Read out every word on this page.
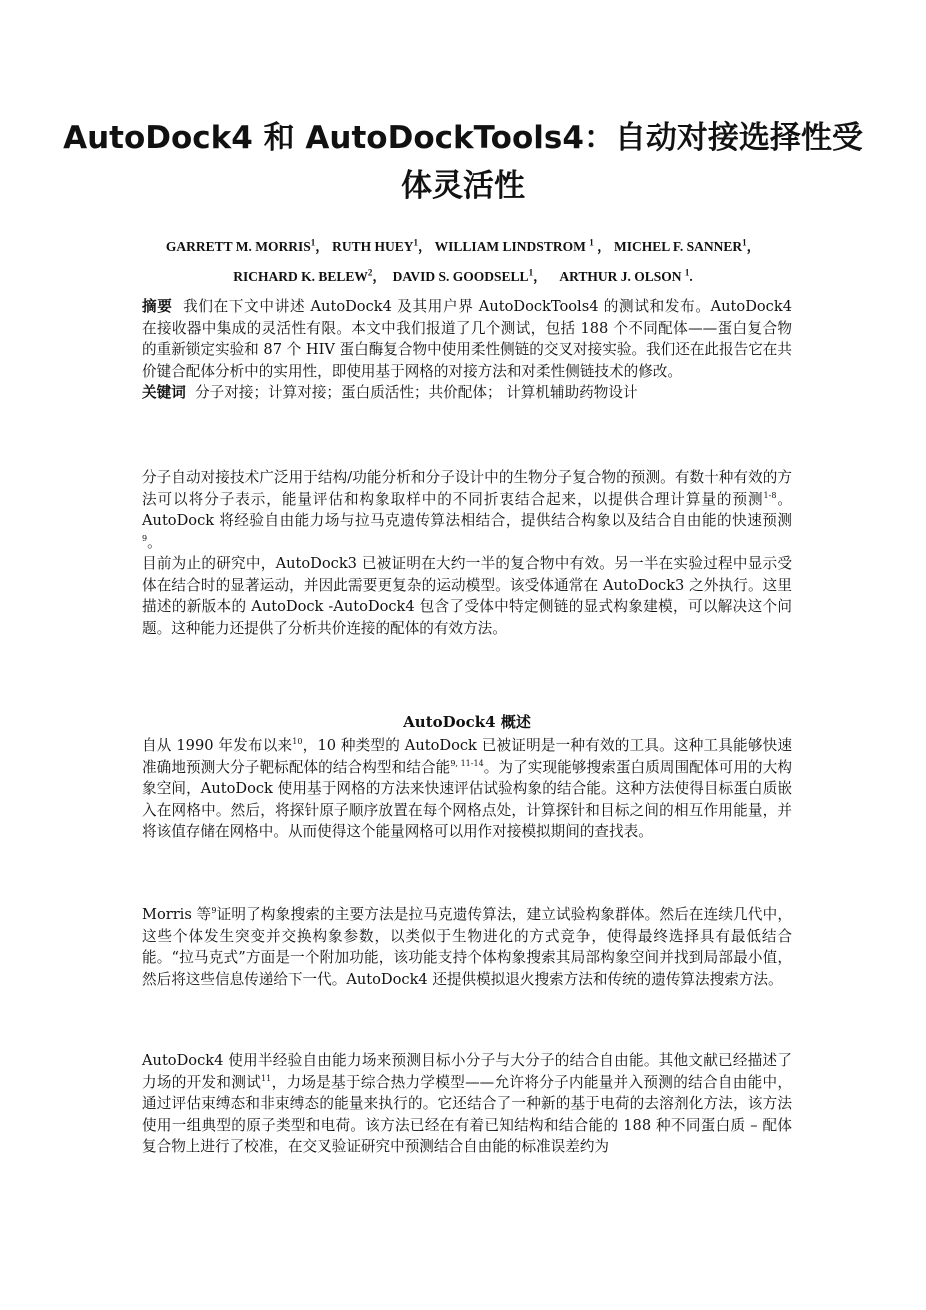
AutoDock4 和 AutoDockTools4：自动对接选择性受体灵活性
GARRETT M. MORRIS$^1$， RUTH HUEY$^1$， WILLIAM LINDSTROM $^1$ ， MICHEL F. SANNER$^1$，
RICHARD K. BELEW$^2$， DAVID S. GOODSELL$^1$， ARTHUR J. OLSON $^1$.
摘要 我们在下文中讲述 AutoDock4 及其用户界 AutoDockTools4 的测试和发布。AutoDock4 在接收器中集成的灵活性有限。本文中我们报道了几个测试，包括 188 个不同配体——蛋白复合物的重新锁定实验和 87 个 HIV 蛋白酶复合物中使用柔性侧链的交叉对接实验。我们还在此报告它在共价键合配体分析中的实用性，即使用基于网格的对接方法和对柔性侧链技术的修改。
关键词 分子对接；计算对接；蛋白质活性；共价配体； 计算机辅助药物设计
分子自动对接技术广泛用于结构/功能分析和分子设计中的生物分子复合物的预测。有数十种有效的方法可以将分子表示，能量评估和构象取样中的不同折衷结合起来，以提供合理计算量的预测$^{1-8}$。AutoDock 将经验自由能力场与拉马克遗传算法相结合，提供结合构象以及结合自由能的快速预测$^9$。
目前为止的研究中，AutoDock3 已被证明在大约一半的复合物中有效。另一半在实验过程中显示受体在结合时的显著运动，并因此需要更复杂的运动模型。该受体通常在 AutoDock3 之外执行。这里描述的新版本的 AutoDock -AutoDock4 包含了受体中特定侧链的显式构象建模，可以解决这个问题。这种能力还提供了分析共价连接的配体的有效方法。
AutoDock4 概述
自从 1990 年发布以来$^{10}$，10 种类型的 AutoDock 已被证明是一种有效的工具。这种工具能够快速准确地预测大分子靶标配体的结合构型和结合能$^{9, 11-14}$。为了实现能够搜索蛋白质周围配体可用的大构象空间，AutoDock 使用基于网格的方法来快速评估试验构象的结合能。这种方法使得目标蛋白质嵌入在网格中。然后，将探针原子顺序放置在每个网格点处，计算探针和目标之间的相互作用能量，并将该值存储在网格中。从而使得这个能量网格可以用作对接模拟期间的查找表。
Morris 等$^9$证明了构象搜索的主要方法是拉马克遗传算法，建立试验构象群体。然后在连续几代中，这些个体发生突变并交换构象参数，以类似于生物进化的方式竞争，使得最终选择具有最低结合能。“拉马克式”方面是一个附加功能，该功能支持个体构象搜索其局部构象空间并找到局部最小值，然后将这些信息传递给下一代。AutoDock4 还提供模拟退火搜索方法和传统的遗传算法搜索方法。
AutoDock4 使用半经验自由能力场来预测目标小分子与大分子的结合自由能。其他文献已经描述了力场的开发和测试$^{11}$，力场是基于综合热力学模型——允许将分子内能量并入预测的结合自由能中，通过评估束缚态和非束缚态的能量来执行的。它还结合了一种新的基于电荷的去溶剂化方法，该方法使用一组典型的原子类型和电荷。该方法已经在有着已知结构和结合能的 188 种不同蛋白质 – 配体复合物上进行了校准，在交叉验证研究中预测结合自由能的标准误差约为
